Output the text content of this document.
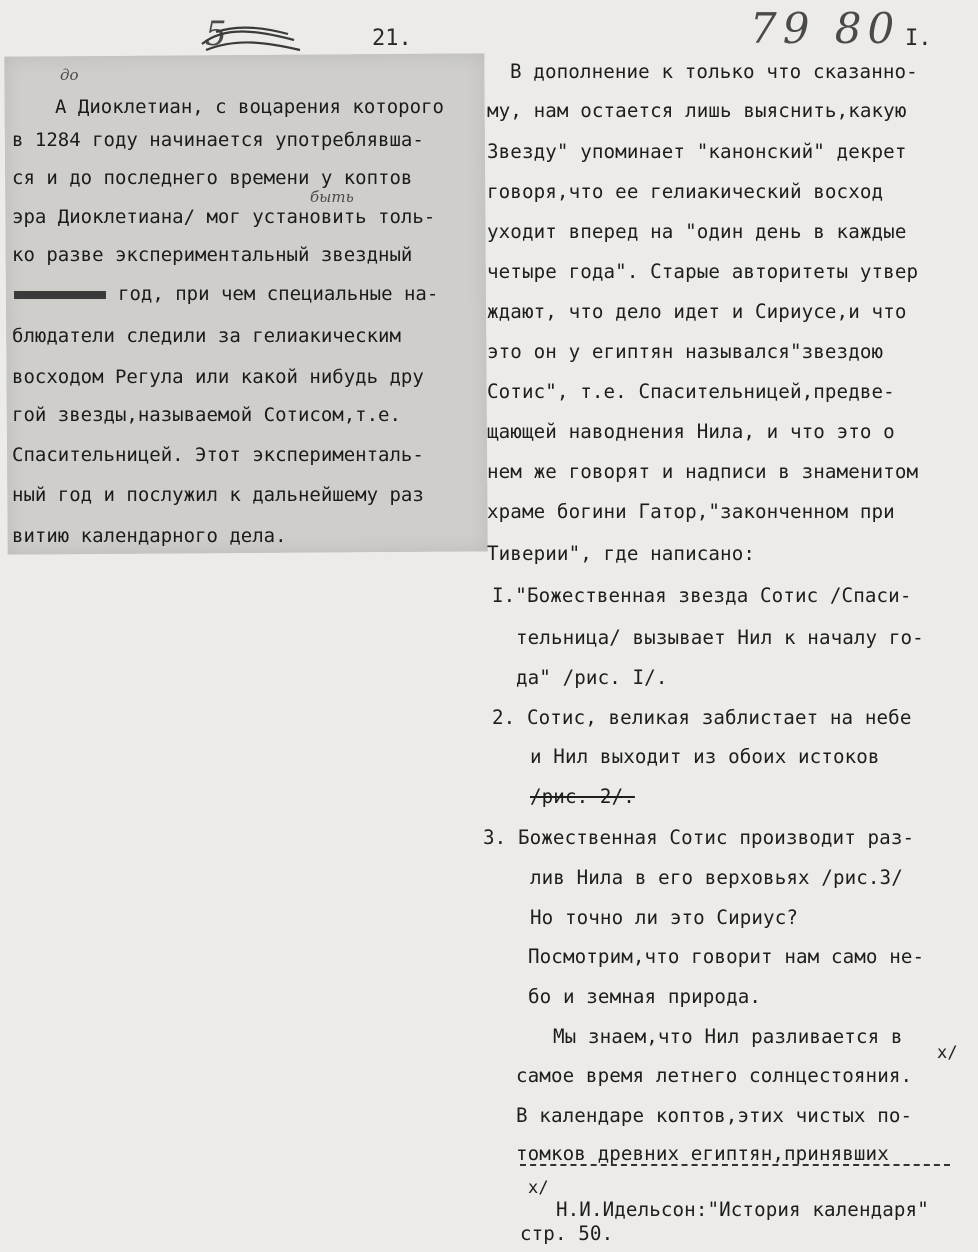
21.	I.
79 80
5
до
быть
А Диоклетиан, с воцарения которого
в 1284 году начинается употреблявша-
ся и до последнего времени у коптов
эра Диоклетиана/ мог установить толь-
ко разве экспериментальный звездный
год, при чем специальные на-
блюдатели следили за гелиакическим
восходом Регула или какой нибудь дру
гой звезды,называемой Сотисом,т.е.
Спасительницей. Этот эксперименталь-
ный год и послужил к дальнейшему раз
витию календарного дела.
В дополнение к только что сказанно-
му, нам остается лишь выяснить,какую
Звезду" упоминает "канонский" декрет
говоря,что ее гелиакический восход
уходит вперед на "один день в каждые
четыре года". Старые авторитеты утвер
ждают, что дело идет и Сириусе,и что
это он у египтян назывался"звездою
Сотис", т.е. Спасительницей,предве-
щающей наводнения Нила, и что это о
нем же говорят и надписи в знаменитом
храме богини Гатор,"законченном при
Тиверии", где написано:
I."Божественная звезда Сотис /Спаси-
тельница/ вызывает Нил к началу го-
да" /рис. I/.
2. Сотис, великая заблистает на небе
и Нил выходит из обоих истоков
/рис. 2/.
3. Божественная Сотис производит раз-
лив Нила в его верховьях /рис.3/
Но точно ли это Сириус?
Посмотрим,что говорит нам само не-
бо и земная природа.
Мы знаем,что Нил разливается в
x/
самое время летнего солнцестояния.
В календаре коптов,этих чистых по-
томков древних египтян,принявших
x/
Н.И.Идельсон:"История календаря"
стр. 50.
